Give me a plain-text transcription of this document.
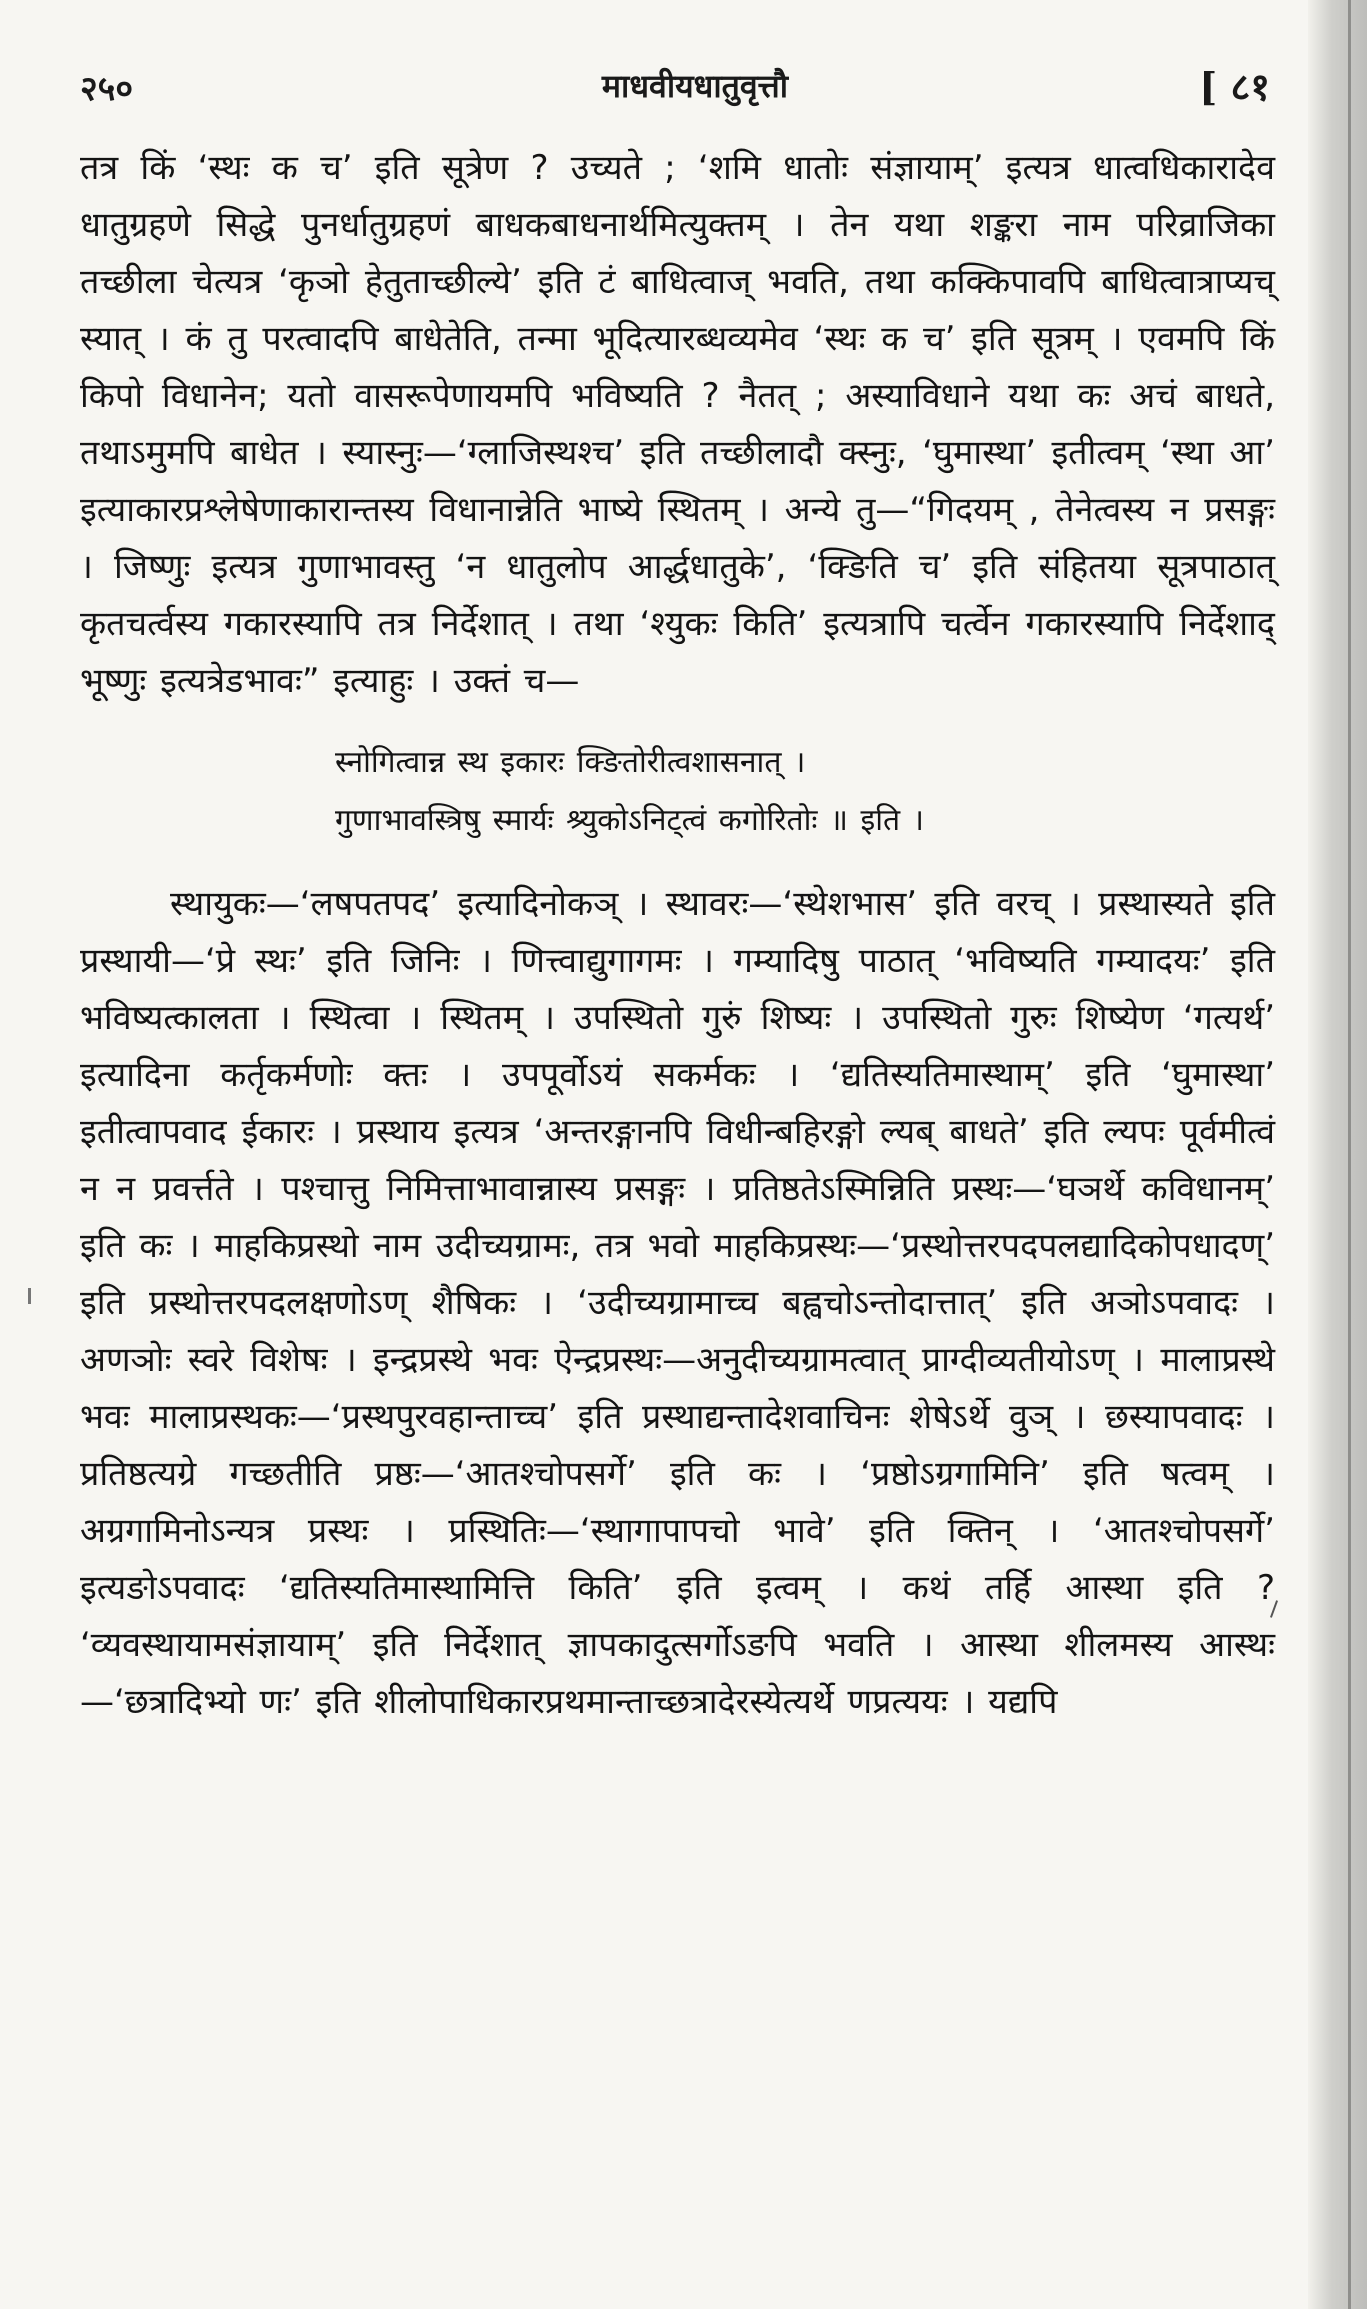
२५०	माधवीयधातुवृत्तौ	[ ८१

तत्र किं ‘स्थः क च’ इति सूत्रेण ? उच्यते ; ‘शमि धातोः संज्ञायाम्’ इत्यत्र धात्वधिकारादेव धातुग्रहणे सिद्धे पुनर्धातुग्रहणं बाधकबाधनार्थमित्युक्तम् । तेन यथा शङ्करा नाम परिव्राजिका तच्छीला चेत्यत्र ‘कृञो हेतुताच्छील्ये’ इति टं बाधित्वाज् भवति, तथा कक्किपावपि बाधित्वात्राप्यच् स्यात् । कं तु परत्वादपि बाधेतेति, तन्मा भूदित्यारब्धव्यमेव ‘स्थः क च’ इति सूत्रम् । एवमपि किं किपो विधानेन; यतो वासरूपेणायमपि भविष्यति ? नैतत् ; अस्याविधाने यथा कः अचं बाधते, तथाऽमुमपि बाधेत । स्यास्नुः—‘ग्लाजिस्थश्च’ इति तच्छीलादौ क्स्नुः, ‘घुमास्था’ इतीत्वम् ‘स्था आ’ इत्याकारप्रश्लेषेणाकारान्तस्य विधानान्नेति भाष्ये स्थितम् । अन्ये तु—“गिदयम् , तेनेत्वस्य न प्रसङ्गः । जिष्णुः इत्यत्र गुणाभावस्तु ‘न धातुलोप आर्द्धधातुके’, ‘क्ङिति च’ इति संहितया सूत्रपाठात् कृतचर्त्वस्य गकारस्यापि तत्र निर्देशात् । तथा ‘श्युकः किति’ इत्यत्रापि चर्त्वेन गकारस्यापि निर्देशाद् भूष्णुः इत्यत्रेडभावः” इत्याहुः । उक्तं च—

स्नोगित्वान्न स्थ इकारः क्ङितोरीत्वशासनात् ।
गुणाभावस्त्रिषु स्मार्यः श्र्युकोऽनिट्त्वं कगोरितोः ॥ इति ।

स्थायुकः—‘लषपतपद’ इत्यादिनोकञ् । स्थावरः—‘स्थेशभास’ इति वरच् । प्रस्थास्यते इति प्रस्थायी—‘प्रे स्थः’ इति जिनिः । णित्त्वाद्युगागमः । गम्यादिषु पाठात् ‘भविष्यति गम्यादयः’ इति भविष्यत्कालता । स्थित्वा । स्थितम् । उपस्थितो गुरुं शिष्यः । उपस्थितो गुरुः शिष्येण ‘गत्यर्थ’ इत्यादिना कर्तृकर्मणोः क्तः । उपपूर्वोऽयं सकर्मकः । ‘द्यतिस्यतिमास्थाम्’ इति ‘घुमास्था’ इतीत्वापवाद ईकारः । प्रस्थाय इत्यत्र ‘अन्तरङ्गानपि विधीन्बहिरङ्गो ल्यब् बाधते’ इति ल्यपः पूर्वमीत्वं न न प्रवर्त्तते । पश्चात्तु निमित्ताभावान्नास्य प्रसङ्गः । प्रतिष्ठतेऽस्मिन्निति प्रस्थः—‘घञर्थे कविधानम्’ इति कः । माहकिप्रस्थो नाम उदीच्यग्रामः, तत्र भवो माहकिप्रस्थः—‘प्रस्थोत्तरपदपलद्यादिकोपधादण्’ इति प्रस्थोत्तरपदलक्षणोऽण् शैषिकः । ‘उदीच्यग्रामाच्च बह्वचोऽन्तोदात्तात्’ इति अञोऽपवादः । अणञोः स्वरे विशेषः । इन्द्रप्रस्थे भवः ऐन्द्रप्रस्थः—अनुदीच्यग्रामत्वात् प्राग्दीव्यतीयोऽण् । मालाप्रस्थे भवः मालाप्रस्थकः—‘प्रस्थपुरवहान्ताच्च’ इति प्रस्थाद्यन्तादेशवाचिनः शेषेऽर्थे वुञ् । छस्यापवादः । प्रतिष्ठत्यग्रे गच्छतीति प्रष्ठः—‘आतश्चोपसर्गे’ इति कः । ‘प्रष्ठोऽग्रगामिनि’ इति षत्वम् । अग्रगामिनोऽन्यत्र प्रस्थः । प्रस्थितिः—‘स्थागापापचो भावे’ इति क्तिन् । ‘आतश्चोपसर्गे’ इत्यङोऽपवादः ‘द्यतिस्यतिमास्थामित्ति किति’ इति इत्वम् । कथं तर्हि आस्था इति ? ‘व्यवस्थायामसंज्ञायाम्’ इति निर्देशात् ज्ञापकादुत्सर्गोऽङपि भवति । आस्था शीलमस्य आस्थः—‘छत्रादिभ्यो णः’ इति शीलोपाधिकारप्रथमान्ताच्छत्रादेरस्येत्यर्थे णप्रत्ययः । यद्यपि
